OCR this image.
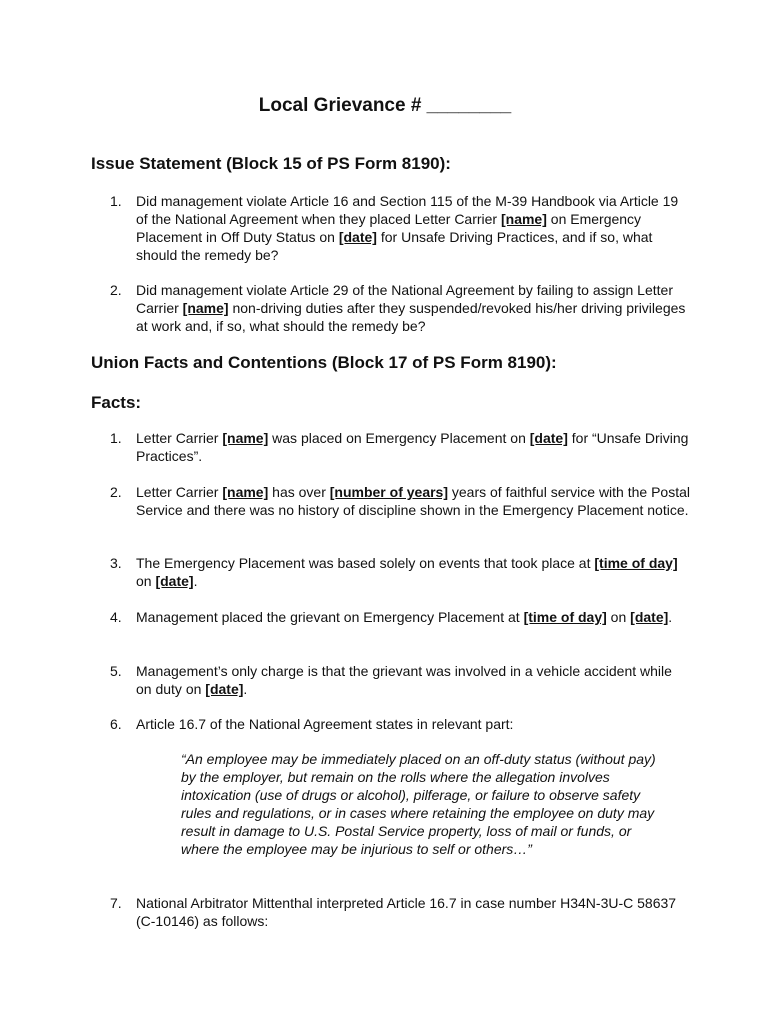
Local Grievance # ________
Issue Statement (Block 15 of PS Form 8190):
1. Did management violate Article 16 and Section 115 of the M-39 Handbook via Article 19 of the National Agreement when they placed Letter Carrier [name] on Emergency Placement in Off Duty Status on [date] for Unsafe Driving Practices, and if so, what should the remedy be?
2. Did management violate Article 29 of the National Agreement by failing to assign Letter Carrier [name] non-driving duties after they suspended/revoked his/her driving privileges at work and, if so, what should the remedy be?
Union Facts and Contentions (Block 17 of PS Form 8190):
Facts:
1. Letter Carrier [name] was placed on Emergency Placement on [date] for “Unsafe Driving Practices”.
2. Letter Carrier [name] has over [number of years] years of faithful service with the Postal Service and there was no history of discipline shown in the Emergency Placement notice.
3. The Emergency Placement was based solely on events that took place at [time of day] on [date].
4. Management placed the grievant on Emergency Placement at [time of day] on [date].
5. Management’s only charge is that the grievant was involved in a vehicle accident while on duty on [date].
6. Article 16.7 of the National Agreement states in relevant part:
“An employee may be immediately placed on an off-duty status (without pay) by the employer, but remain on the rolls where the allegation involves intoxication (use of drugs or alcohol), pilferage, or failure to observe safety rules and regulations, or in cases where retaining the employee on duty may result in damage to U.S. Postal Service property, loss of mail or funds, or where the employee may be injurious to self or others…”
7. National Arbitrator Mittenthal interpreted Article 16.7 in case number H34N-3U-C 58637 (C-10146) as follows:
